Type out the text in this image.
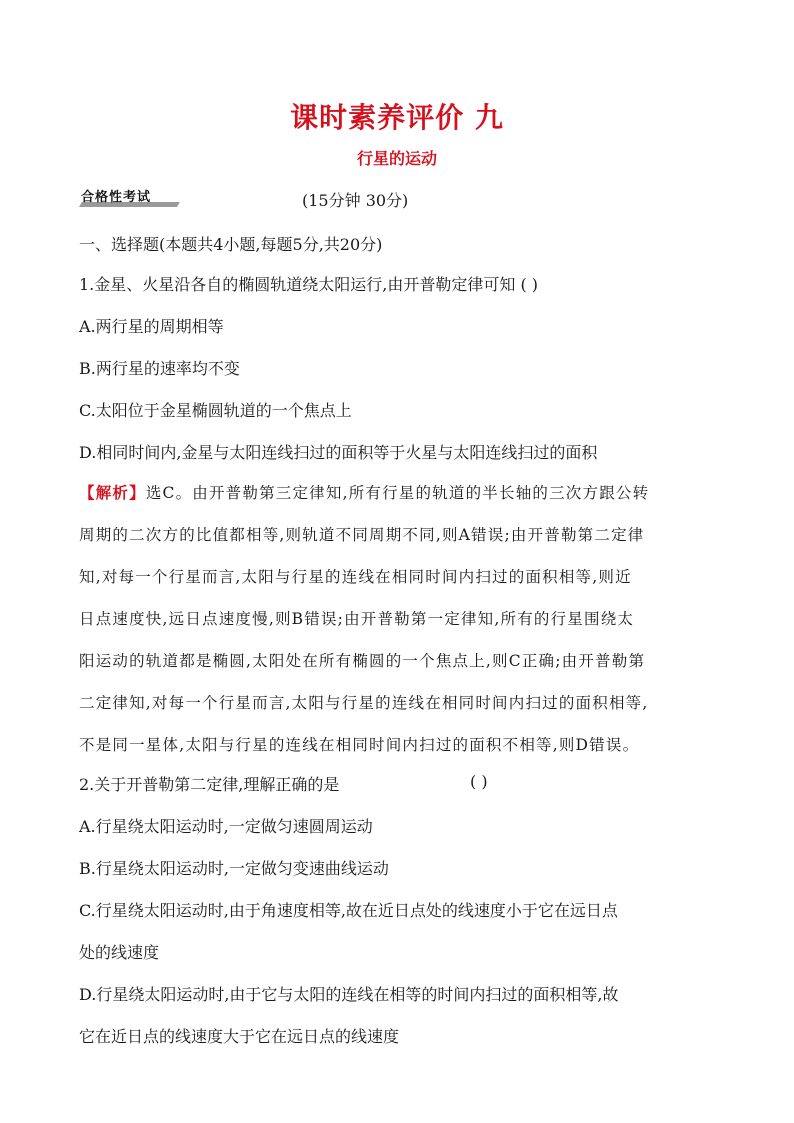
课时素养评价 九
行星的运动
合格性考试	(15分钟 30分)
一、选择题(本题共4小题,每题5分,共20分)
1.金星、火星沿各自的椭圆轨道绕太阳运行,由开普勒定律可知 ( )
A.两行星的周期相等
B.两行星的速率均不变
C.太阳位于金星椭圆轨道的一个焦点上
D.相同时间内,金星与太阳连线扫过的面积等于火星与太阳连线扫过的面积
【解析】选C。由开普勒第三定律知,所有行星的轨道的半长轴的三次方跟公转
周期的二次方的比值都相等,则轨道不同周期不同,则A错误;由开普勒第二定律
知,对每一个行星而言,太阳与行星的连线在相同时间内扫过的面积相等,则近
日点速度快,远日点速度慢,则B错误;由开普勒第一定律知,所有的行星围绕太
阳运动的轨道都是椭圆,太阳处在所有椭圆的一个焦点上,则C正确;由开普勒第
二定律知,对每一个行星而言,太阳与行星的连线在相同时间内扫过的面积相等,
不是同一星体,太阳与行星的连线在相同时间内扫过的面积不相等,则D错误。
2.关于开普勒第二定律,理解正确的是	( )
A.行星绕太阳运动时,一定做匀速圆周运动
B.行星绕太阳运动时,一定做匀变速曲线运动
C.行星绕太阳运动时,由于角速度相等,故在近日点处的线速度小于它在远日点
处的线速度
D.行星绕太阳运动时,由于它与太阳的连线在相等的时间内扫过的面积相等,故
它在近日点的线速度大于它在远日点的线速度
